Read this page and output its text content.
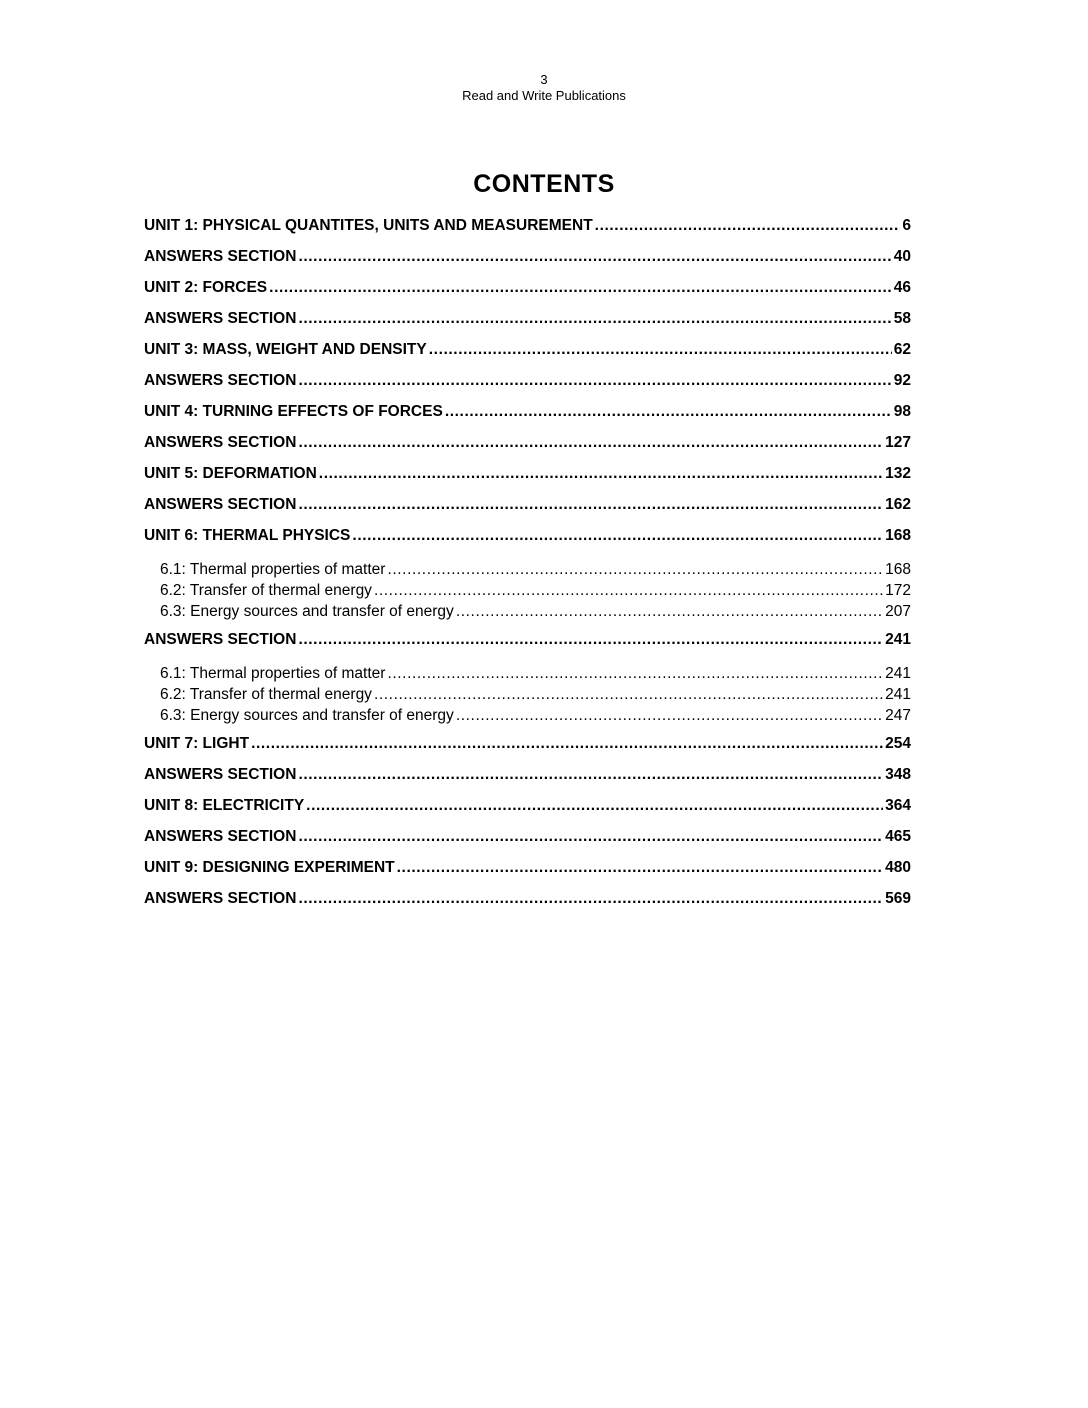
3
Read and Write Publications
CONTENTS
UNIT 1: PHYSICAL QUANTITES, UNITS AND MEASUREMENT .....	6
ANSWERS SECTION .....	40
UNIT 2: FORCES .....	46
ANSWERS SECTION .....	58
UNIT 3: MASS, WEIGHT AND DENSITY .....	62
ANSWERS SECTION .....	92
UNIT 4: TURNING EFFECTS OF FORCES .....	98
ANSWERS SECTION .....	127
UNIT 5: DEFORMATION .....	132
ANSWERS SECTION .....	162
UNIT 6: THERMAL PHYSICS .....	168
6.1: Thermal properties of matter .....	168
6.2: Transfer of thermal energy .....	172
6.3: Energy sources and transfer of energy .....	207
ANSWERS SECTION .....	241
6.1: Thermal properties of matter .....	241
6.2: Transfer of thermal energy .....	241
6.3: Energy sources and transfer of energy .....	247
UNIT 7: LIGHT .....	254
ANSWERS SECTION .....	348
UNIT 8: ELECTRICITY .....	364
ANSWERS SECTION .....	465
UNIT 9: DESIGNING EXPERIMENT .....	480
ANSWERS SECTION .....	569
